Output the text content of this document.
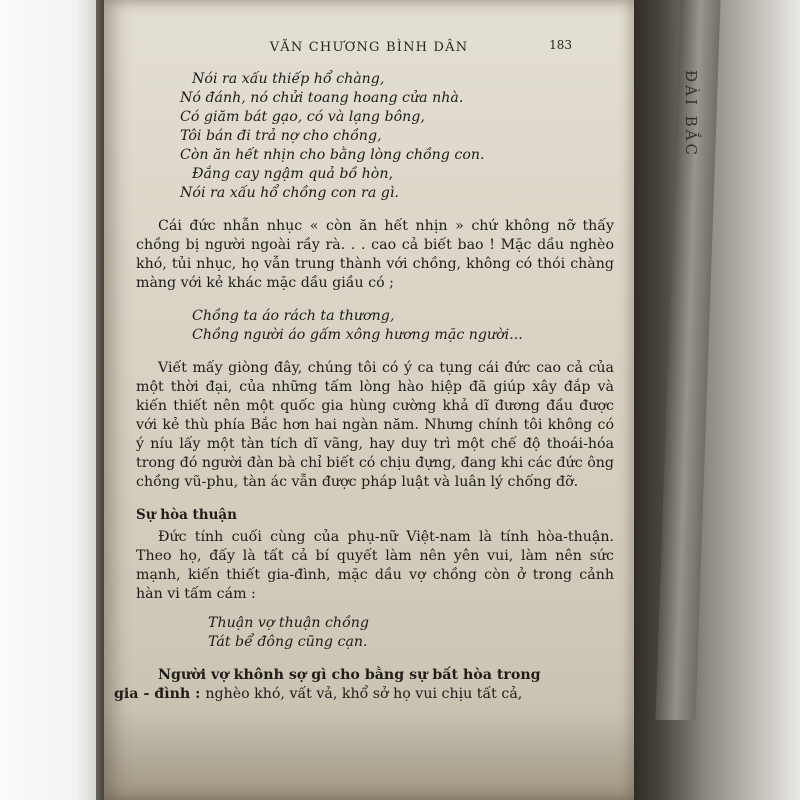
ĐÀI BẮC
VĂN CHƯƠNG BÌNH DÂN	183
Nói ra xấu thiếp hổ chàng,
Nó đánh, nó chửi toang hoang cửa nhà.
Có giăm bát gạo, có và lạng bông,
Tôi bán đi trả nợ cho chồng,
Còn ăn hết nhịn cho bằng lòng chồng con.
Đắng cay ngậm quả bồ hòn,
Nói ra xấu hổ chồng con ra gì.

Cái đức nhẫn nhục « còn ăn hết nhịn » chứ không nỡ thấy chồng bị người ngoài rầy rà. . . cao cả biết bao ! Mặc dầu nghèo khó, tủi nhục, họ vẫn trung thành với chồng, không có thói chàng màng với kẻ khác mặc dầu giầu có ;

Chồng ta áo rách ta thương,
Chồng người áo gấm xông hương mặc người...

Viết mấy giòng đây, chúng tôi có ý ca tụng cái đức cao cả của một thời đại, của những tấm lòng hào hiệp đã giúp xây đắp và kiến thiết nên một quốc gia hùng cường khả dĩ đương đầu được với kẻ thù phía Bắc hơn hai ngàn năm. Nhưng chính tôi không có ý níu lấy một tàn tích dĩ vãng, hay duy trì một chế độ thoái-hóa trong đó người đàn bà chỉ biết có chịu đựng, đang khi các đức ông chồng vũ-phu, tàn ác vẫn được pháp luật và luân lý chống đỡ.

Sự hòa thuận

Đức tính cuối cùng của phụ-nữ Việt-nam là tính hòa-thuận. Theo họ, đấy là tất cả bí quyết làm nên yên vui, làm nên sức mạnh, kiến thiết gia-đình, mặc dầu vợ chồng còn ở trong cảnh hàn vi tấm cám :

Thuận vợ thuận chồng
Tát bể đông cũng cạn.

Người vợ khônh sợ gì cho bằng sự bất hòa trong
gia - đình : nghèo khó, vất vả, khổ sở họ vui chịu tất cả,
